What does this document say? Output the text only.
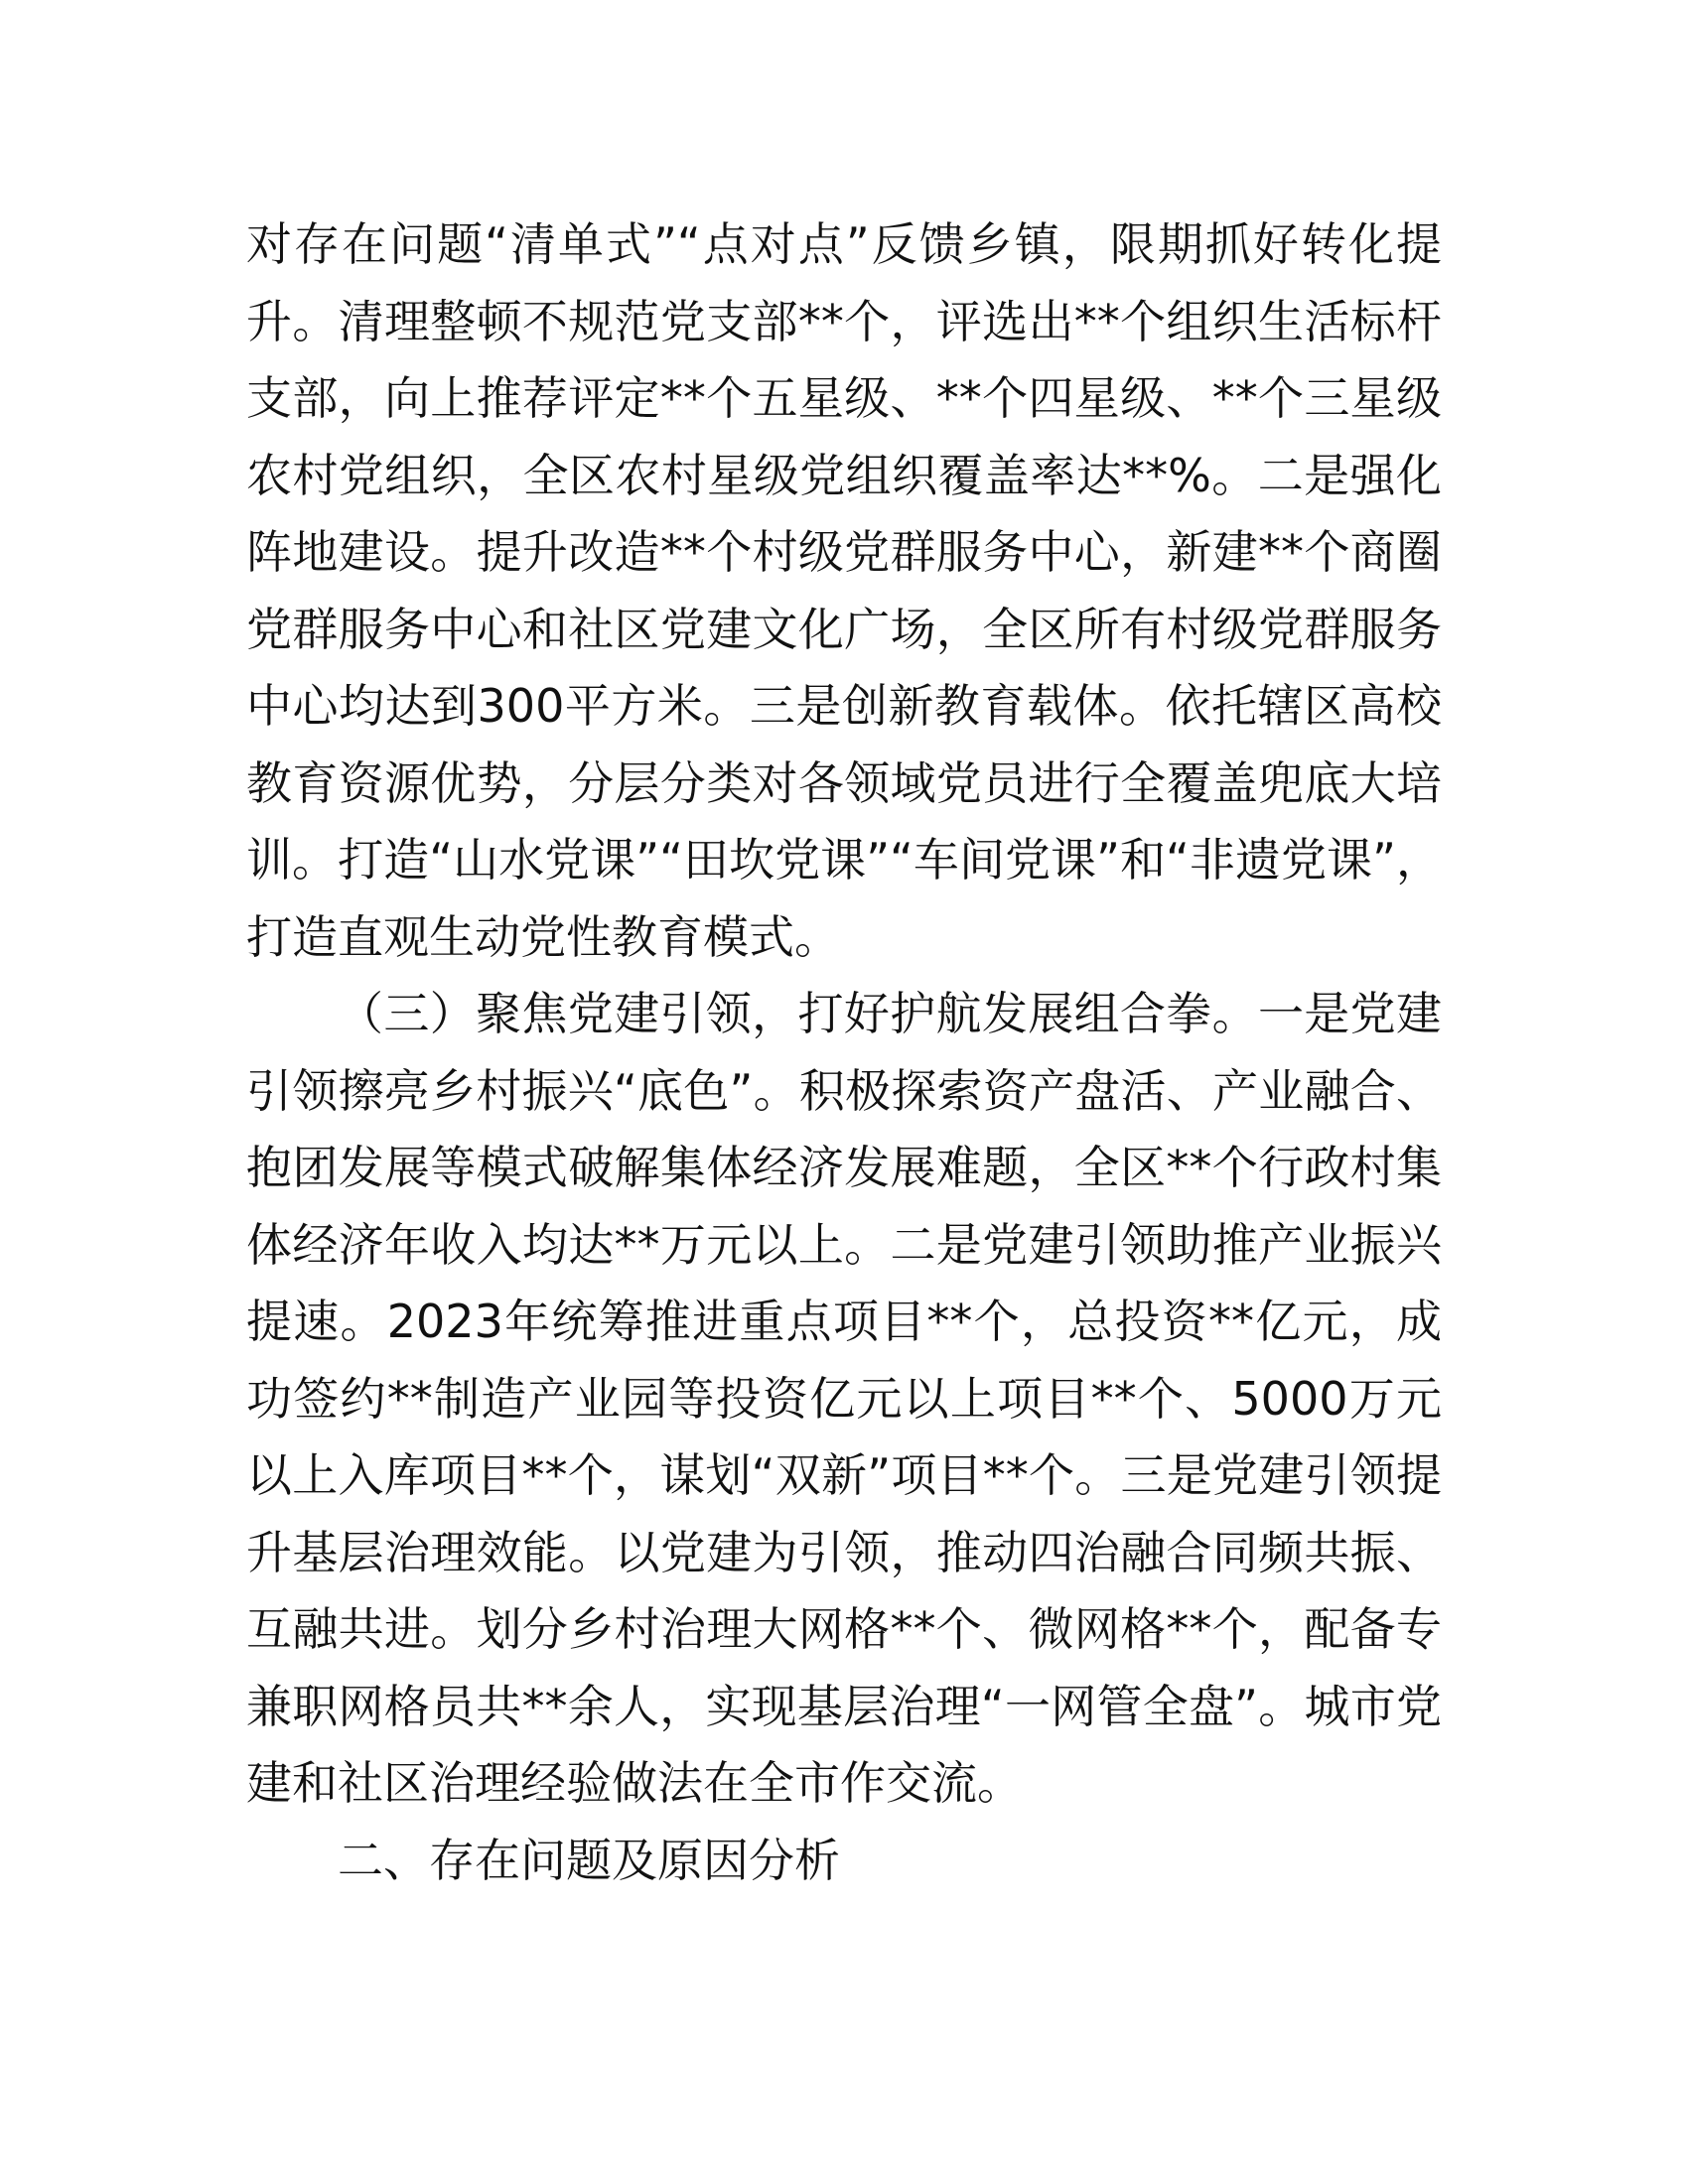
对存在问题“清单式”“点对点”反馈乡镇，限期抓好转化提升。清理整顿不规范党支部**个，评选出**个组织生活标杆支部，向上推荐评定**个五星级、**个四星级、**个三星级农村党组织，全区农村星级党组织覆盖率达**%。二是强化阵地建设。提升改造**个村级党群服务中心，新建**个商圈党群服务中心和社区党建文化广场，全区所有村级党群服务中心均达到300平方米。三是创新教育载体。依托辖区高校教育资源优势，分层分类对各领域党员进行全覆盖兜底大培训。打造“山水党课”“田坎党课”“车间党课”和“非遗党课”，打造直观生动党性教育模式。

（三）聚焦党建引领，打好护航发展组合拳。一是党建引领擦亮乡村振兴“底色”。积极探索资产盘活、产业融合、抱团发展等模式破解集体经济发展难题，全区**个行政村集体经济年收入均达**万元以上。二是党建引领助推产业振兴提速。2023年统筹推进重点项目**个，总投资**亿元，成功签约**制造产业园等投资亿元以上项目**个、5000万元以上入库项目**个，谋划“双新”项目**个。三是党建引领提升基层治理效能。以党建为引领，推动四治融合同频共振、互融共进。划分乡村治理大网格**个、微网格**个，配备专兼职网格员共**余人，实现基层治理“一网管全盘”。城市党建和社区治理经验做法在全市作交流。

二、存在问题及原因分析
